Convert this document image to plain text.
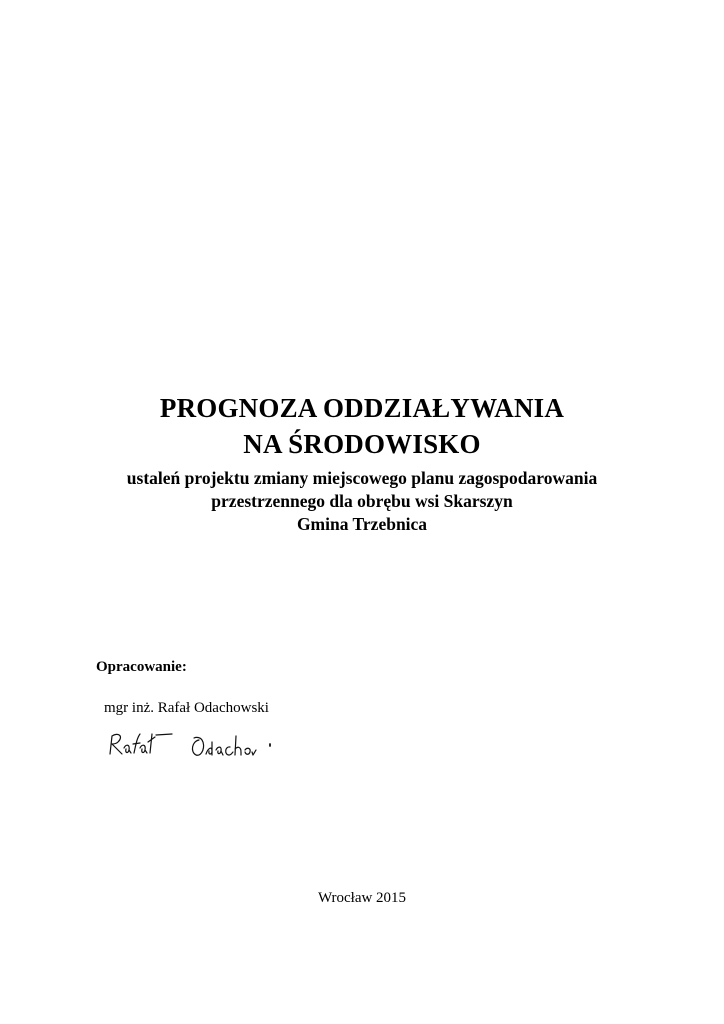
PROGNOZA ODDZIAŁYWANIA
NA ŚRODOWISKO
ustaleń projektu zmiany miejscowego planu zagospodarowania
przestrzennego dla obrębu wsi Skarszyn
Gmina Trzebnica
Opracowanie:
mgr inż. Rafał Odachowski
Wrocław 2015
